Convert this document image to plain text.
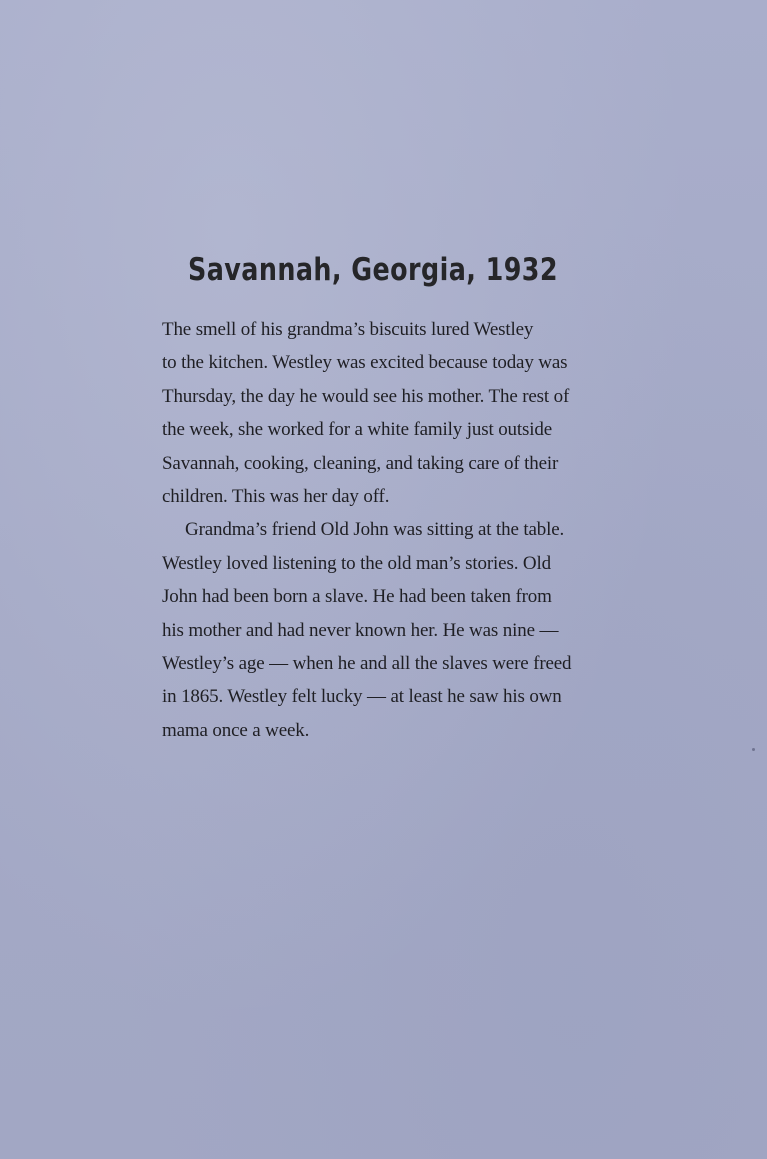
Savannah, Georgia, 1932

The smell of his grandma’s biscuits lured Westley
to the kitchen. Westley was excited because today was
Thursday, the day he would see his mother. The rest of
the week, she worked for a white family just outside
Savannah, cooking, cleaning, and taking care of their
children. This was her day off.

Grandma’s friend Old John was sitting at the table.
Westley loved listening to the old man’s stories. Old
John had been born a slave. He had been taken from
his mother and had never known her. He was nine —
Westley’s age — when he and all the slaves were freed
in 1865. Westley felt lucky — at least he saw his own
mama once a week.
